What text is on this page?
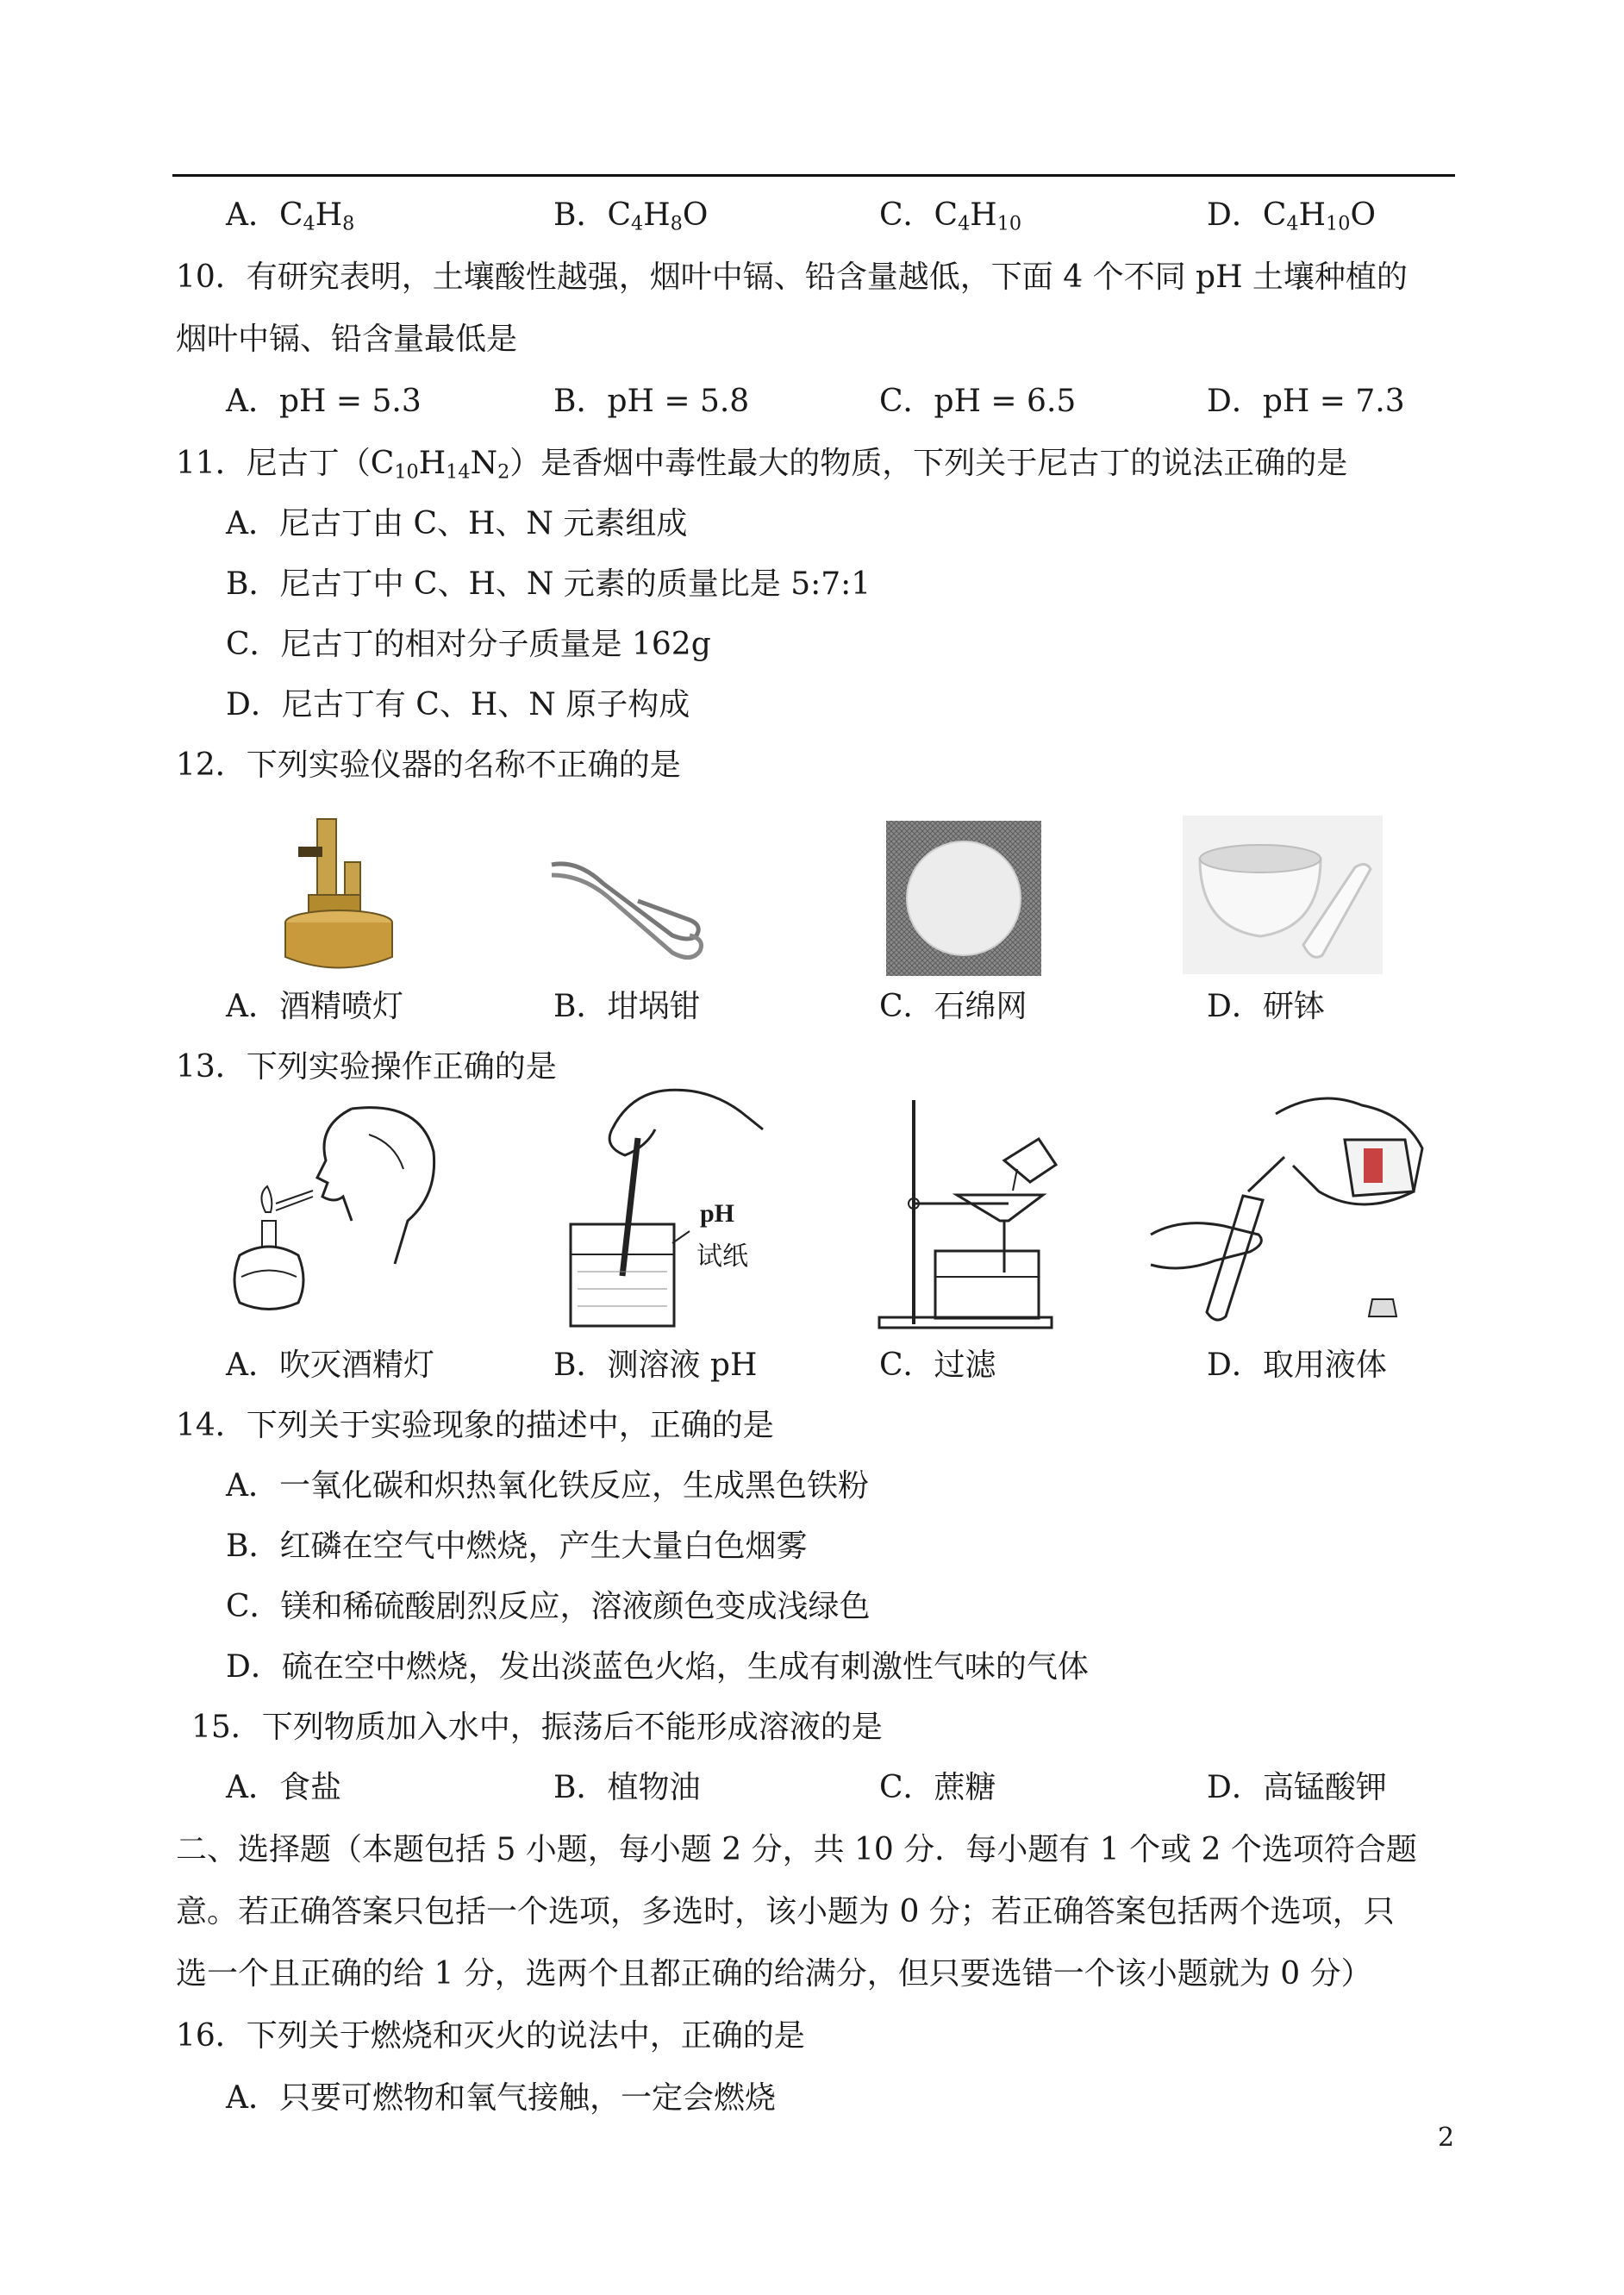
A．$C_4H_8$	B．$C_4H_8O$	C．$C_4H_{10}$	D．$C_4H_{10}O$
10．有研究表明，土壤酸性越强，烟叶中镉、铅含量越低，下面 4 个不同 pH 土壤种植的
烟叶中镉、铅含量最低是
A．pH = 5.3	B．pH = 5.8	C．pH = 6.5	D．pH = 7.3
11．尼古丁$(C_{10}H_{14}N_2)$是香烟中毒性最大的物质，下列关于尼古丁的说法正确的是
A．尼古丁由 C、H、N 元素组成
B．尼古丁中 C、H、N 元素的质量比是 5:7:1
C．尼古丁的相对分子质量是 162g
D．尼古丁有 C、H、N 原子构成
12．下列实验仪器的名称不正确的是
A．酒精喷灯	B．坩埚钳	C．石绵网	D．研钵
13．下列实验操作正确的是
pH
试纸
A．吹灭酒精灯	B．测溶液 pH	C．过滤	D．取用液体
14．下列关于实验现象的描述中，正确的是
A．一氧化碳和炽热氧化铁反应，生成黑色铁粉
B．红磷在空气中燃烧，产生大量白色烟雾
C．镁和稀硫酸剧烈反应，溶液颜色变成浅绿色
D．硫在空中燃烧，发出淡蓝色火焰，生成有刺激性气味的气体
15．下列物质加入水中，振荡后不能形成溶液的是
A．食盐	B．植物油	C．蔗糖	D．高锰酸钾
二、选择题（本题包括 5 小题，每小题 2 分，共 10 分．每小题有 1 个或 2 个选项符合题
意。若正确答案只包括一个选项，多选时，该小题为 0 分；若正确答案包括两个选项，只
选一个且正确的给 1 分，选两个且都正确的给满分，但只要选错一个该小题就为 0 分）
16．下列关于燃烧和灭火的说法中，正确的是
A．只要可燃物和氧气接触，一定会燃烧
2
